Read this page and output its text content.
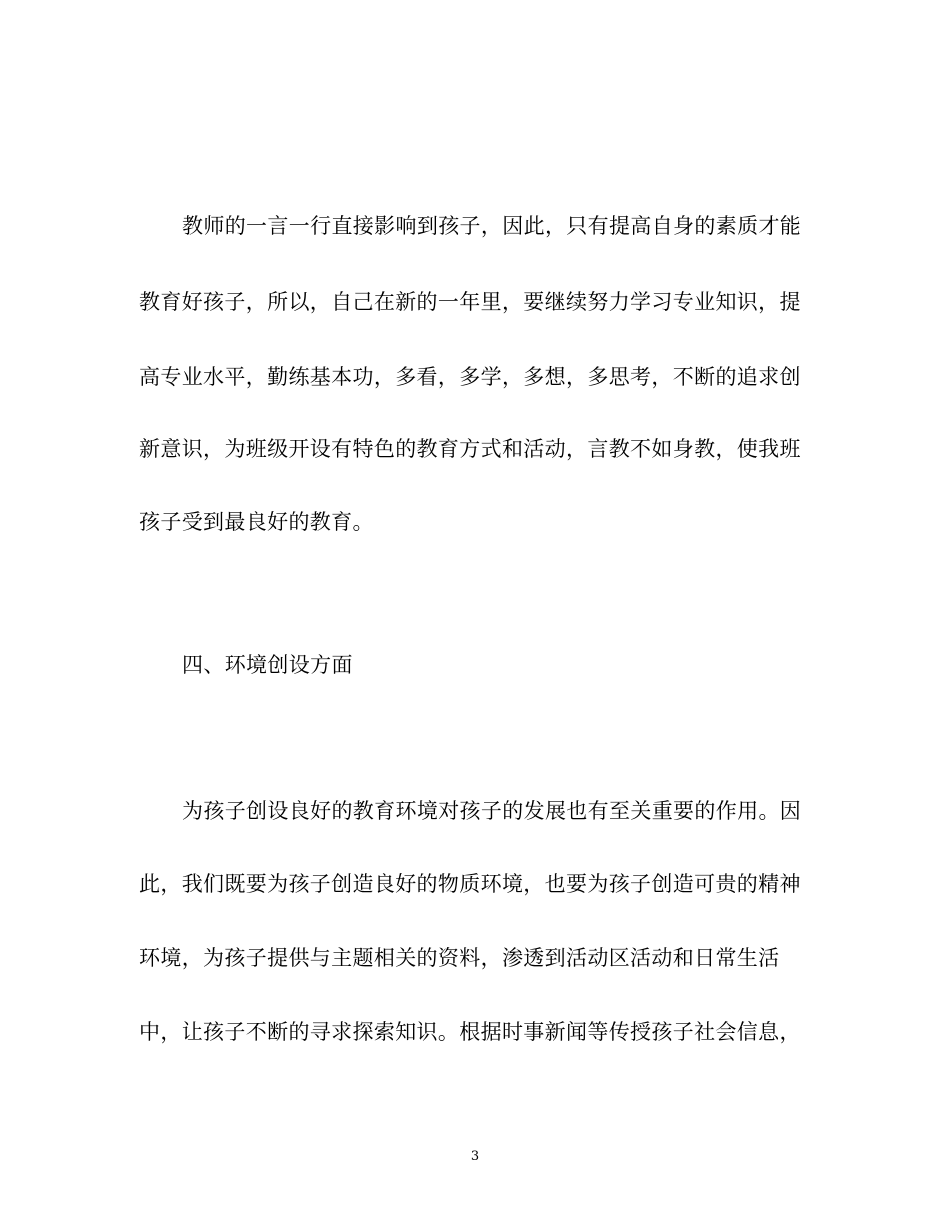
教师的一言一行直接影响到孩子，因此，只有提高自身的素质才能
教育好孩子，所以，自己在新的一年里，要继续努力学习专业知识，提
高专业水平，勤练基本功，多看，多学，多想，多思考，不断的追求创
新意识，为班级开设有特色的教育方式和活动，言教不如身教，使我班
孩子受到最良好的教育。
四、环境创设方面
为孩子创设良好的教育环境对孩子的发展也有至关重要的作用。因
此，我们既要为孩子创造良好的物质环境，也要为孩子创造可贵的精神
环境，为孩子提供与主题相关的资料，渗透到活动区活动和日常生活
中，让孩子不断的寻求探索知识。根据时事新闻等传授孩子社会信息，
3
